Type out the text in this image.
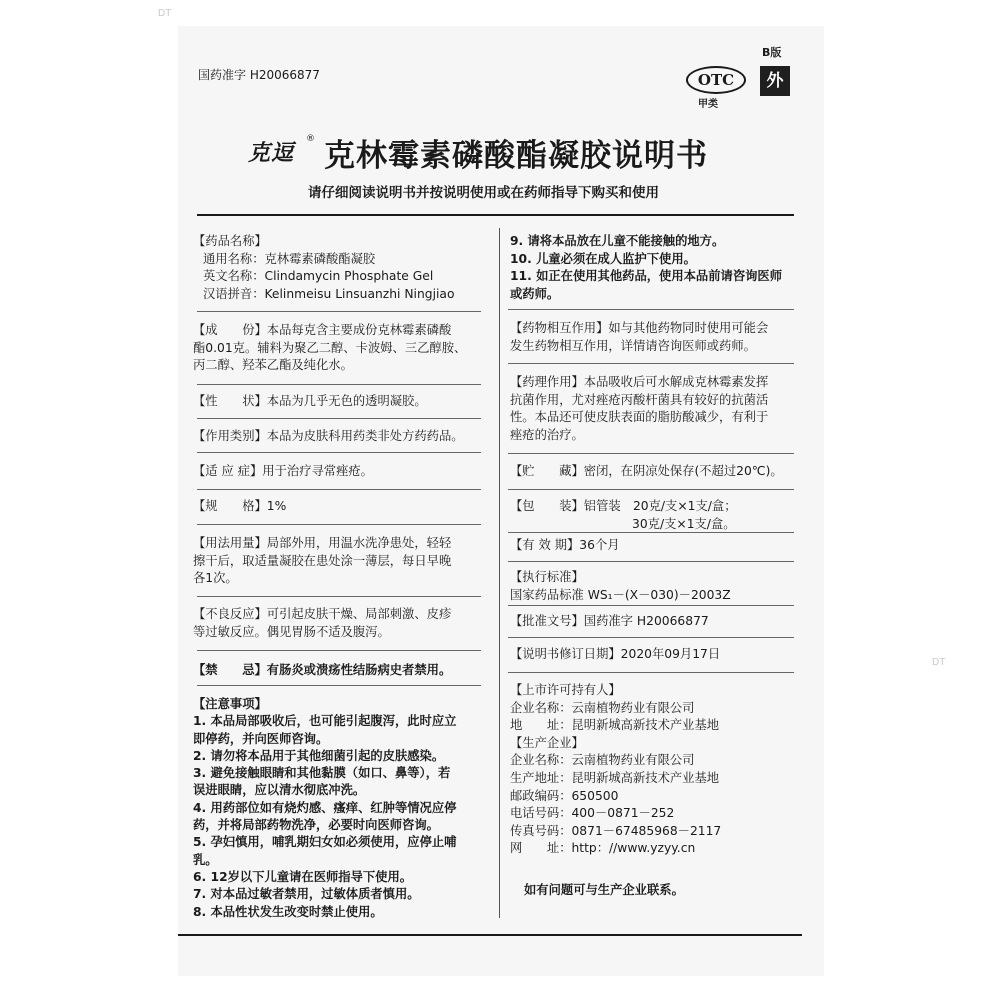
DT
DT
国药准字 H20066877
B版
OTC
甲类
外
克逗
® 克林霉素磷酸酯凝胶说明书
请仔细阅读说明书并按说明使用或在药师指导下购买和使用
【药品名称】
通用名称：克林霉素磷酸酯凝胶
英文名称：Clindamycin Phosphate Gel
汉语拼音：Kelinmeisu Linsuanzhi Ningjiao
【成　　份】本品每克含主要成份克林霉素磷酸
酯0.01克。辅料为聚乙二醇、卡波姆、三乙醇胺、
丙二醇、羟苯乙酯及纯化水。
【性　　状】本品为几乎无色的透明凝胶。
【作用类别】本品为皮肤科用药类非处方药药品。
【适 应 症】用于治疗寻常痤疮。
【规　　格】1%
【用法用量】局部外用，用温水洗净患处，轻轻
擦干后，取适量凝胶在患处涂一薄层，每日早晚
各1次。
【不良反应】可引起皮肤干燥、局部刺激、皮疹
等过敏反应。偶见胃肠不适及腹泻。
【禁　　忌】有肠炎或溃疡性结肠病史者禁用。
【注意事项】
1. 本品局部吸收后，也可能引起腹泻，此时应立
即停药，并向医师咨询。
2. 请勿将本品用于其他细菌引起的皮肤感染。
3. 避免接触眼睛和其他黏膜（如口、鼻等），若
误进眼睛，应以清水彻底冲洗。
4. 用药部位如有烧灼感、瘙痒、红肿等情况应停
药，并将局部药物洗净，必要时向医师咨询。
5. 孕妇慎用，哺乳期妇女如必须使用，应停止哺
乳。
6. 12岁以下儿童请在医师指导下使用。
7. 对本品过敏者禁用，过敏体质者慎用。
8. 本品性状发生改变时禁止使用。
9. 请将本品放在儿童不能接触的地方。
10. 儿童必须在成人监护下使用。
11. 如正在使用其他药品，使用本品前请咨询医师
或药师。
【药物相互作用】如与其他药物同时使用可能会
发生药物相互作用，详情请咨询医师或药师。
【药理作用】本品吸收后可水解成克林霉素发挥
抗菌作用，尤对痤疮丙酸杆菌具有较好的抗菌活
性。本品还可使皮肤表面的脂肪酸减少，有利于
痤疮的治疗。
【贮　　藏】密闭，在阴凉处保存(不超过20℃)。
【包　　装】铝管装　20克/支×1支/盒；
30克/支×1支/盒。
【有 效 期】36个月
【执行标准】
国家药品标准 WS₁－(X－030)－2003Z
【批准文号】国药准字 H20066877
【说明书修订日期】2020年09月17日
【上市许可持有人】
企业名称：云南植物药业有限公司
地　　址：昆明新城高新技术产业基地
【生产企业】
企业名称：云南植物药业有限公司
生产地址：昆明新城高新技术产业基地
邮政编码：650500
电话号码：400－0871－252
传真号码：0871－67485968－2117
网　　址：http：//www.yzyy.cn
如有问题可与生产企业联系。
